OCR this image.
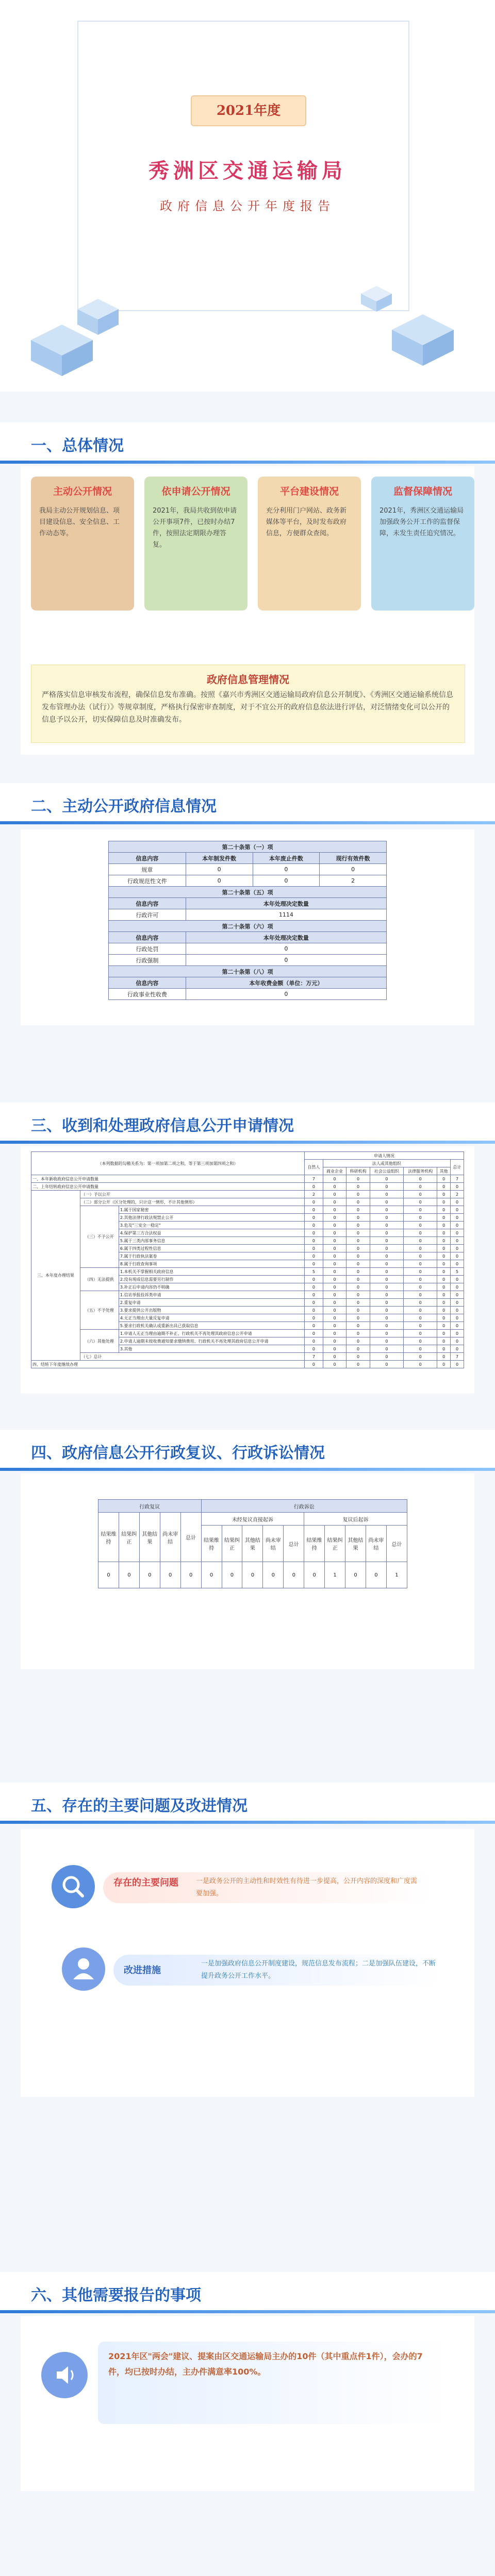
2021年度
秀洲区交通运输局
政府信息公开年度报告
一、总体情况
主动公开情况
我局主动公开规划信息、项目建设信息、安全信息、工作动态等。
依申请公开情况
2021年，我局共收到依申请公开事项7件，已按时办结7件，按照法定期限办理答复。
平台建设情况
充分利用门户网站、政务新媒体等平台，及时发布政府信息，方便群众查阅。
监督保障情况
2021年，秀洲区交通运输局加强政务公开工作的监督保障，未发生责任追究情况。
政府信息管理情况
严格落实信息审核发布流程，确保信息发布准确。按照《嘉兴市秀洲区交通运输局政府信息公开制度》、《秀洲区交通运输系统信息发布管理办法（试行）》等规章制度，严格执行保密审查制度，对于不宜公开的政府信息依法进行评估，对泛情绪变化可以公开的信息予以公开，切实保障信息及时准确发布。
二、主动公开政府信息情况
第二十条第（一）项			
信息内容	本年制发件数	本年废止件数	现行有效件数
规章	0	0	0
行政规范性文件	0	0	2
第二十条第（五）项			
信息内容	本年处理决定数量		
行政许可	1114		
第二十条第（六）项			
信息内容	本年处理决定数量		
行政处罚	0		
行政强制	0		
第二十条第（八）项			
信息内容	本年收费金额（单位：万元）		
行政事业性收费	0		
三、收到和处理政府信息公开申请情况
（本列数据的勾稽关系为：第一项加第二项之和，等于第三项加第四项之和）			申请人情况						
			自然人	法人或其他组织					总计
				商业企业	科研机构	社会公益组织	法律服务机构	其他	
一、本年新收政府信息公开申请数量			7	0	0	0	0	0	7
二、上年结转政府信息公开申请数量			0	0	0	0	0	0	0
三、本年度办理结果	（一）予以公开		2	0	0	0	0	0	2
	（二）部分公开（区分处理的，只计这一情形，不计其他情形）		0	0	0	0	0	0	0
	（三）不予公开	1.属于国家秘密	0	0	0	0	0	0	0
		2.其他法律行政法规禁止公开	0	0	0	0	0	0	0
		3.危及"三安全一稳定"	0	0	0	0	0	0	0
		4.保护第三方合法权益	0	0	0	0	0	0	0
		5.属于三类内部事务信息	0	0	0	0	0	0	0
		6.属于四类过程性信息	0	0	0	0	0	0	0
		7.属于行政执法案卷	0	0	0	0	0	0	0
		8.属于行政查询事项	0	0	0	0	0	0	0
	（四）无法提供	1.本机关不掌握相关政府信息	5	0	0	0	0	0	5
		2.没有现成信息需要另行制作	0	0	0	0	0	0	0
		3.补正后申请内容仍不明确	0	0	0	0	0	0	0
	（五）不予处理	1.信访举报投诉类申请	0	0	0	0	0	0	0
		2.重复申请	0	0	0	0	0	0	0
		3.要求提供公开出版物	0	0	0	0	0	0	0
		4.无正当理由大量反复申请	0	0	0	0	0	0	0
		5.要求行政机关确认或重新出具已获取信息	0	0	0	0	0	0	0
	（六）其他处理	1.申请人无正当理由逾期不补正、行政机关不再处理其政府信息公开申请	0	0	0	0	0	0	0
		2.申请人逾期未按收费通知要求缴纳费用、行政机关不再处理其政府信息公开申请	0	0	0	0	0	0	0
		3.其他	0	0	0	0	0	0	0
	（七）总计		7	0	0	0	0	0	7
四、结转下年度继续办理			0	0	0	0	0	0	0
四、政府信息公开行政复议、行政诉讼情况
行政复议					行政诉讼									
结果维持	结果纠正	其他结果	尚未审结	总计	未经复议直接起诉					复议后起诉				
					结果维持	结果纠正	其他结果	尚未审结	总计	结果维持	结果纠正	其他结果	尚未审结	总计
0	0	0	0	0	0	0	0	0	0	0	1	0	0	1
五、存在的主要问题及改进情况
存在的主要问题	一是政务公开的主动性和时效性有待进一步提高，公开内容的深度和广度需要加强。
改进措施
一是加强政府信息公开制度建设，规范信息发布流程；二是加强队伍建设，不断提升政务公开工作水平。
六、其他需要报告的事项
2021年区"两会"建议、提案由区交通运输局主办的10件（其中重点件1件），会办的7件，均已按时办结，主办件满意率100%。
